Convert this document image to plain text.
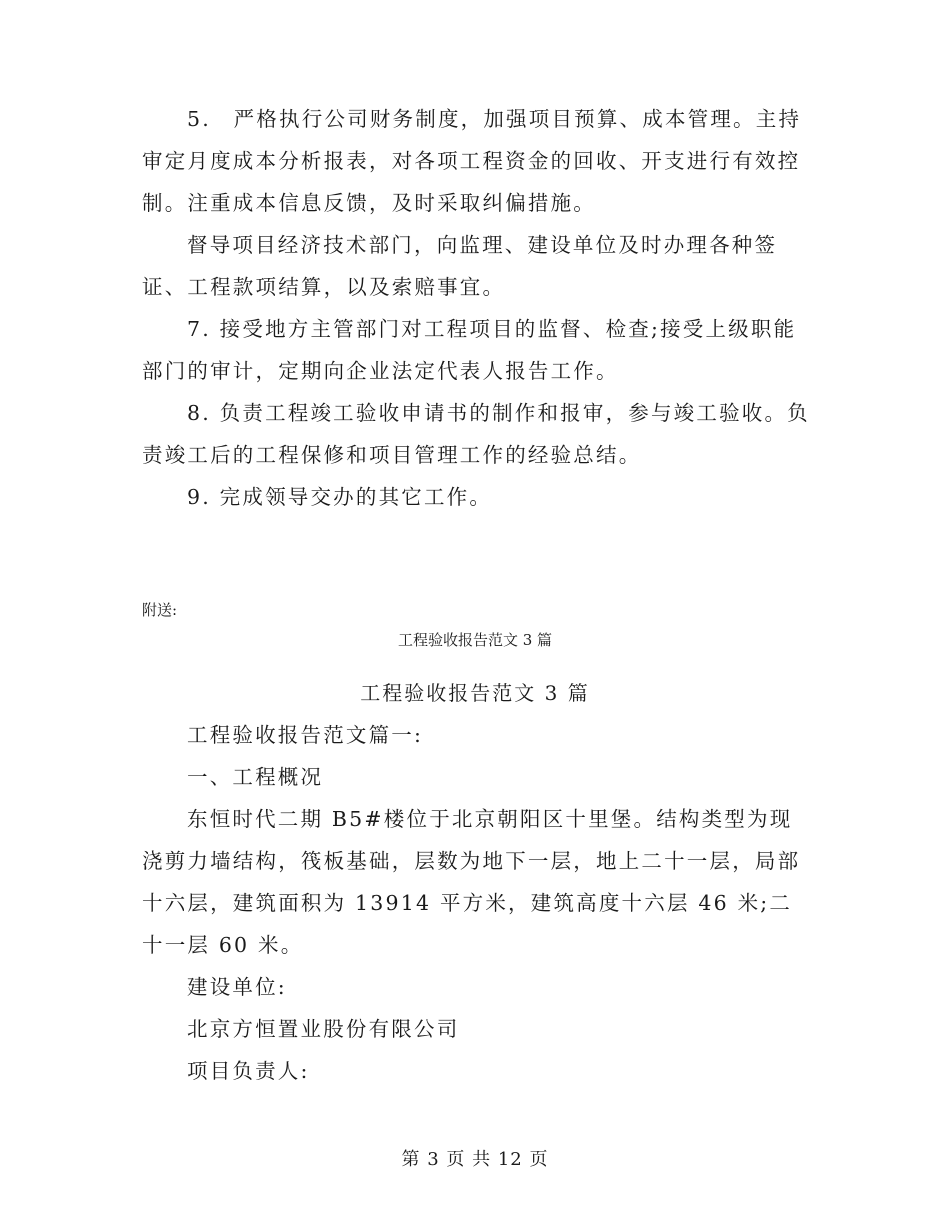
5.　严格执行公司财务制度，加强项目预算、成本管理。主持审定月度成本分析报表，对各项工程资金的回收、开支进行有效控制。注重成本信息反馈，及时采取纠偏措施。

督导项目经济技术部门，向监理、建设单位及时办理各种签证、工程款项结算，以及索赔事宜。

7. 接受地方主管部门对工程项目的监督、检查;接受上级职能部门的审计，定期向企业法定代表人报告工作。

8. 负责工程竣工验收申请书的制作和报审，参与竣工验收。负责竣工后的工程保修和项目管理工作的经验总结。

9. 完成领导交办的其它工作。

附送:

工程验收报告范文 3 篇

工程验收报告范文 3 篇

工程验收报告范文篇一:

一、工程概况

东恒时代二期 B5#楼位于北京朝阳区十里堡。结构类型为现浇剪力墙结构，筏板基础，层数为地下一层，地上二十一层，局部十六层，建筑面积为 13914 平方米，建筑高度十六层 46 米;二十一层 60 米。

建设单位:

北京方恒置业股份有限公司

项目负责人:

第 3 页 共 12 页
